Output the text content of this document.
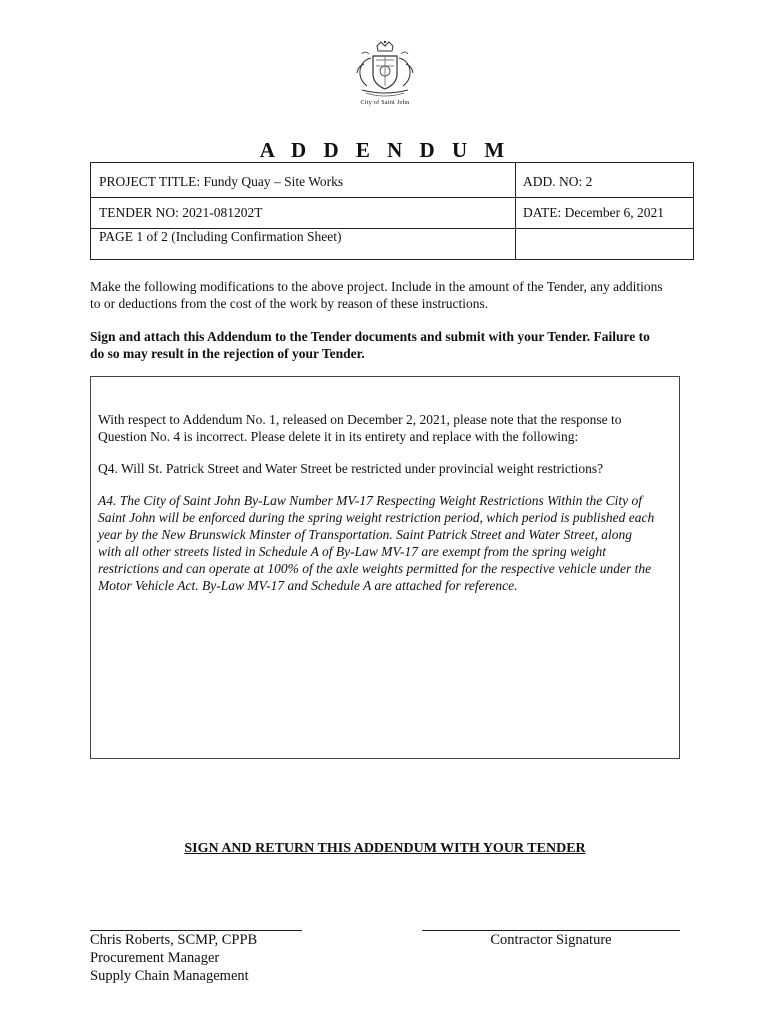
City of Saint John
A D D E N D U M
PROJECT TITLE: Fundy Quay – Site Works	ADD. NO: 2
TENDER NO: 2021-081202T	DATE: December 6, 2021
PAGE 1 of 2 (Including Confirmation Sheet)
Make the following modifications to the above project. Include in the amount of the Tender, any additions
to or deductions from the cost of the work by reason of these instructions.
Sign and attach this Addendum to the Tender documents and submit with your Tender. Failure to
do so may result in the rejection of your Tender.
With respect to Addendum No. 1, released on December 2, 2021, please note that the response to
Question No. 4 is incorrect. Please delete it in its entirety and replace with the following:
Q4. Will St. Patrick Street and Water Street be restricted under provincial weight restrictions?
A4. The City of Saint John By-Law Number MV-17 Respecting Weight Restrictions Within the City of
Saint John will be enforced during the spring weight restriction period, which period is published each
year by the New Brunswick Minster of Transportation. Saint Patrick Street and Water Street, along
with all other streets listed in Schedule A of By-Law MV-17 are exempt from the spring weight
restrictions and can operate at 100% of the axle weights permitted for the respective vehicle under the
Motor Vehicle Act. By-Law MV-17 and Schedule A are attached for reference.
SIGN AND RETURN THIS ADDENDUM WITH YOUR TENDER
Chris Roberts, SCMP, CPPB
Procurement Manager
Supply Chain Management
Contractor Signature
